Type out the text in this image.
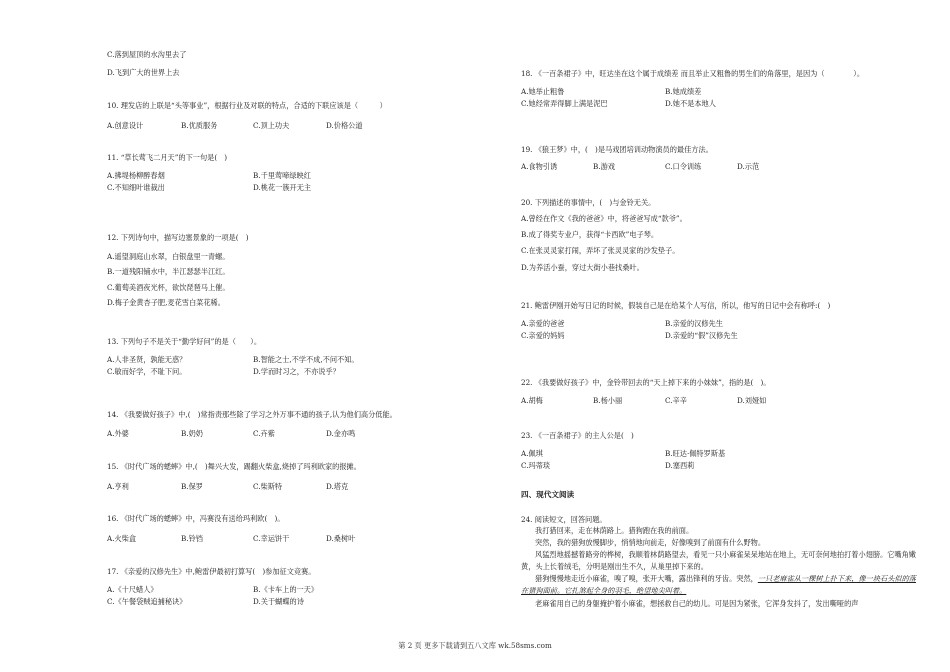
C.落到屋顶的水沟里去了
D.飞到广大的世界上去
10. 理发店的上联是“头等事业”，根据行业及对联的特点，合适的下联应该是（　　　）
A.创意设计	B.优质服务	C.顶上功夫	D.价格公道
11. “草长莺飞二月天”的下一句是(　)
A.拂堤杨柳醉春烟	B.千里莺啼绿映红
C.不知细叶谁裁出	D.桃花一簇开无主
12. 下列诗句中，描写边塞景象的一项是(　)
A.遥望洞庭山水翠，白银盘里一青螺。
B.一道残阳铺水中，半江瑟瑟半江红。
C.葡萄美酒夜光杯，欲饮琵琶马上催。
D.梅子金黄杏子肥,麦花雪白菜花稀。
13. 下列句子不是关于“勤学好问”的是（　　）。
A.人非圣贤，孰能无惑？	B.智能之士,不学不成,不问不知。
C.敏而好学，不耻下问。	D.学而时习之，不亦说乎？
14. 《我要做好孩子》中,(　)常指责那些除了学习之外万事不通的孩子,认为他们高分低能。
A.外婆	B.奶奶	C.卉紫	D.金亦鸣
15. 《时代广场的蟋蟀》中,(　)舞兴大发，踢翻火柴盒,烧掉了玛利欧家的报摊。
A.亨利	B.保罗	C.柴斯特	D.塔克
16. 《时代广场的蟋蟀》中，冯赛没有送给玛利欧(　)。
A.火柴盒	B.铃铛	C.幸运饼干	D.桑树叶
17. 《亲爱的汉修先生》中,鲍雷伊最初打算写(　)参加征文竞赛。
A.《十尺蜡人》	B.《卡车上的一天》
C.《午餐袋贼追捕秘诀》	D.关于蝴蝶的诗
18. 《一百条裙子》中，旺达坐在这个属于成绩差 而且举止又粗鲁的男生们的角落里，是因为（　　　　）。
A.她举止粗鲁	B.她成绩差
C.她经常弄得脚上满是泥巴	D.她不是本地人
19. 《狼王梦》中，(　)是马戏团培训动物演员的最佳方法。
A.食物引诱	B.游戏	C.口令训练	D.示范
20. 下列描述的事情中，(　)与金铃无关。
A.曾经在作文《我的爸爸》中，将爸爸写成“款爷”。
B.成了得奖专业户，获得“卡西欧”电子琴。
C.在张灵灵家打闹，弄坏了张灵灵家的沙发垫子。
D.为养活小蚕，穿过大街小巷找桑叶。
21. 鲍雷伊刚开始写日记的时候，假装自己是在给某个人写信，所以，他写的日记中会有称呼:(　)
A.亲爱的爸爸	B.亲爱的汉修先生
C.亲爱的妈妈	D.亲爱的“假”汉修先生
22. 《我要做好孩子》中，金铃带回去的“天上掉下来的小妹妹”，指的是(　)。
A.胡梅	B.杨小丽	C.辛辛	D.刘娅如
23. 《一百条裙子》的主人公是(　)
A.佩琪	B.旺达·佩特罗斯基
C.玛蒂琰	D.塞西莉
四、现代文阅读
24. 阅读短文，回答问题。
我打猎回来，走在林荫路上。猎狗跑在我的前面。
突然，我的猎狗放慢脚步，悄悄地向前走，好像嗅到了前面有什么野物。
风猛烈地摇撼着路旁的桦树，我顺着林荫路望去，看见一只小麻雀呆呆地站在地上，无可奈何地拍打着小翅膀。它嘴角嫩黄，头上长着绒毛，分明是刚出生不久，从巢里掉下来的。
猎狗慢慢地走近小麻雀，嗅了嗅，张开大嘴，露出锋利的牙齿。突然，一只老麻雀从一棵树上扑下来，像一块石头似的落在猎狗面前。它扎煞起全身的羽毛，绝望地尖叫着。
老麻雀用自己的身躯掩护着小麻雀，想拯救自己的幼儿。可是因为紧张，它浑身发抖了，发出嘶哑的声
第 2 页 更多下载请到五八文库 wk.58sms.com
